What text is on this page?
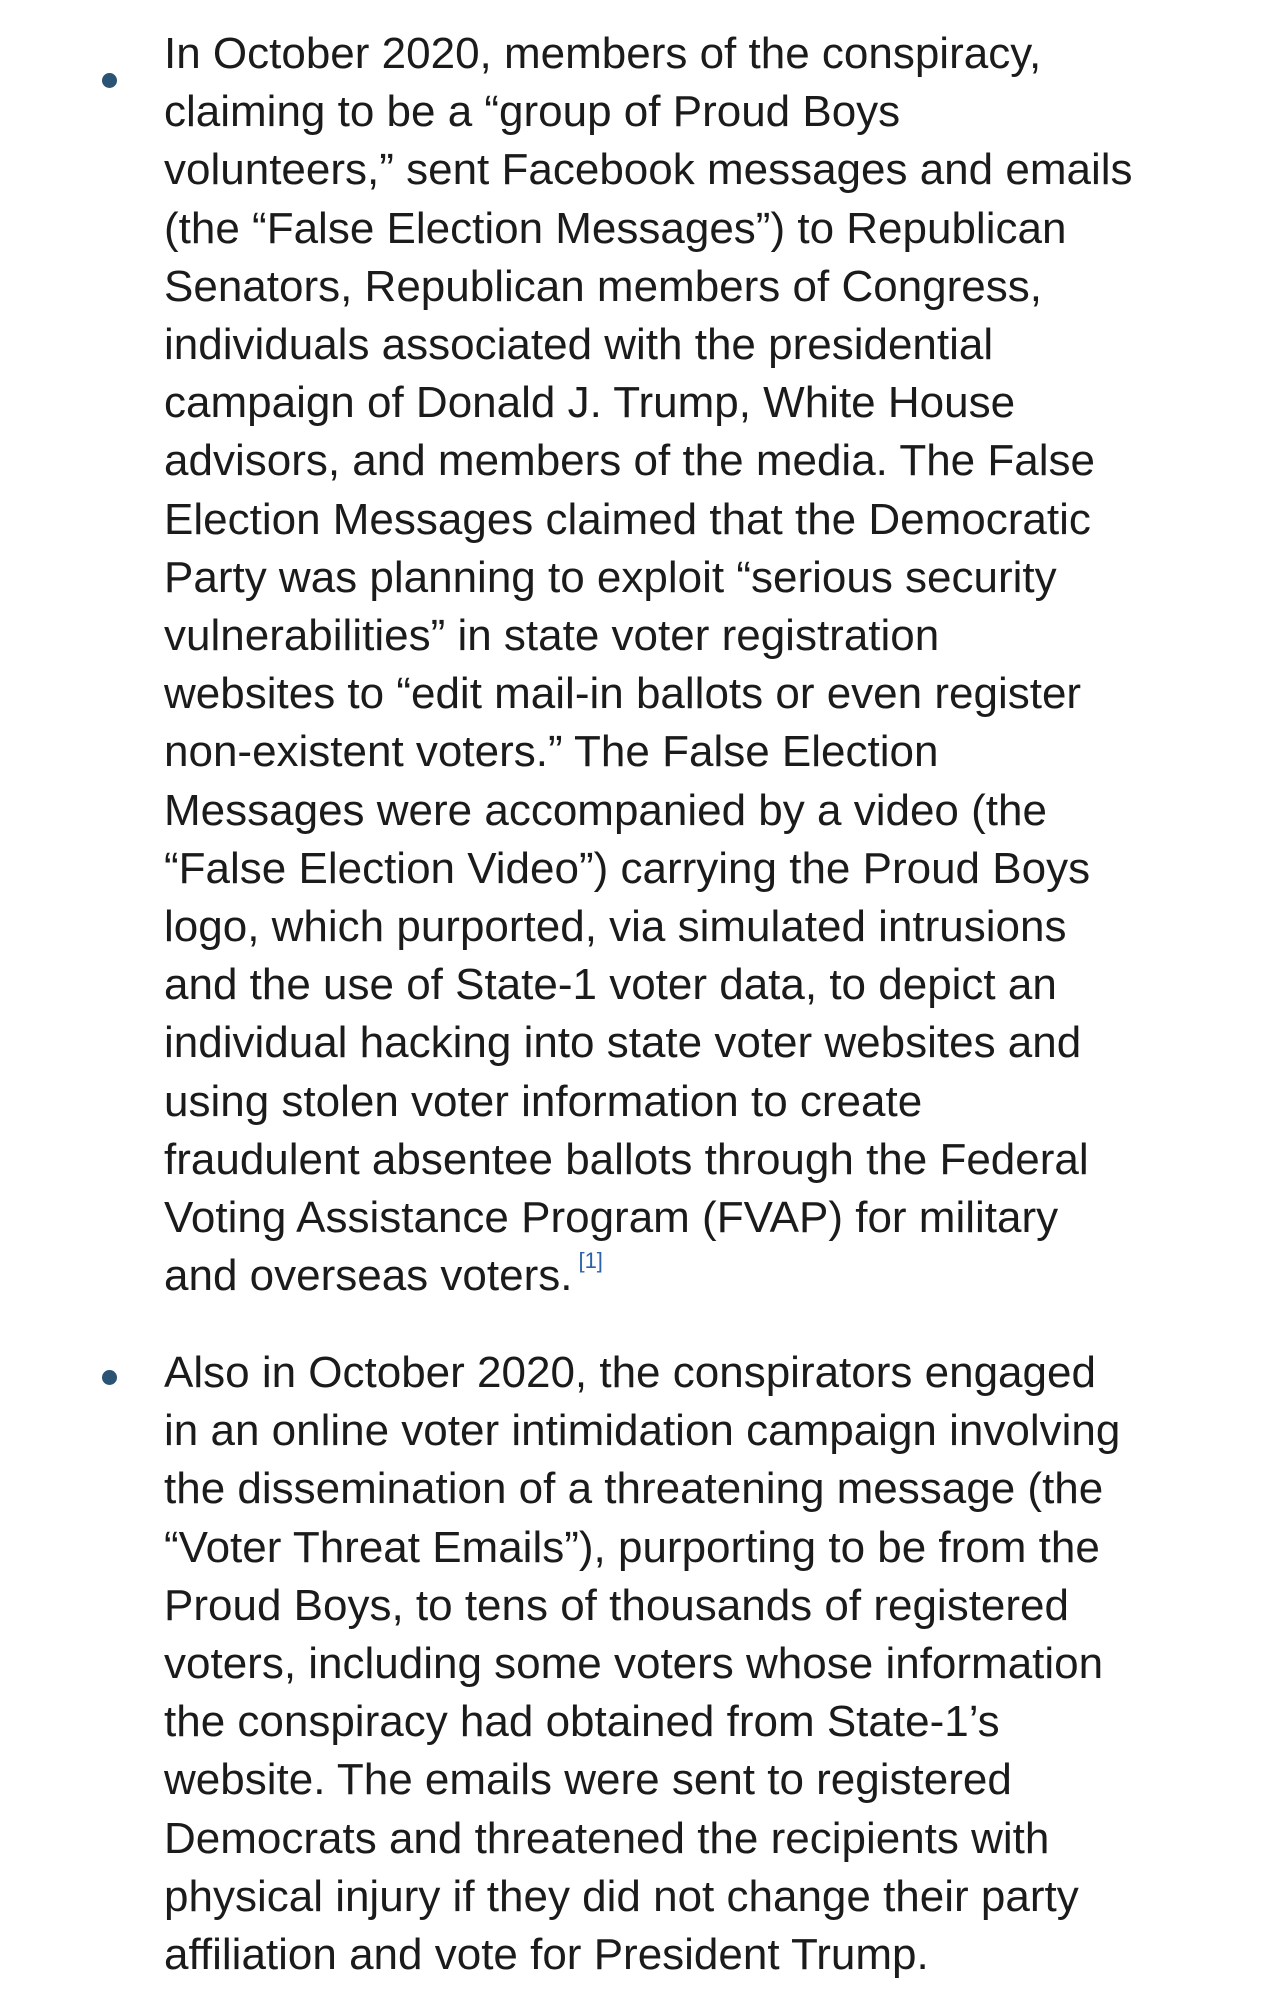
In October 2020, members of the conspiracy,
claiming to be a “group of Proud Boys
volunteers,” sent Facebook messages and emails
(the “False Election Messages”) to Republican
Senators, Republican members of Congress,
individuals associated with the presidential
campaign of Donald J. Trump, White House
advisors, and members of the media. The False
Election Messages claimed that the Democratic
Party was planning to exploit “serious security
vulnerabilities” in state voter registration
websites to “edit mail-in ballots or even register
non-existent voters.” The False Election
Messages were accompanied by a video (the
“False Election Video”) carrying the Proud Boys
logo, which purported, via simulated intrusions
and the use of State-1 voter data, to depict an
individual hacking into state voter websites and
using stolen voter information to create
fraudulent absentee ballots through the Federal
Voting Assistance Program (FVAP) for military
and overseas voters. [1]
Also in October 2020, the conspirators engaged
in an online voter intimidation campaign involving
the dissemination of a threatening message (the
“Voter Threat Emails”), purporting to be from the
Proud Boys, to tens of thousands of registered
voters, including some voters whose information
the conspiracy had obtained from State-1’s
website. The emails were sent to registered
Democrats and threatened the recipients with
physical injury if they did not change their party
affiliation and vote for President Trump.
